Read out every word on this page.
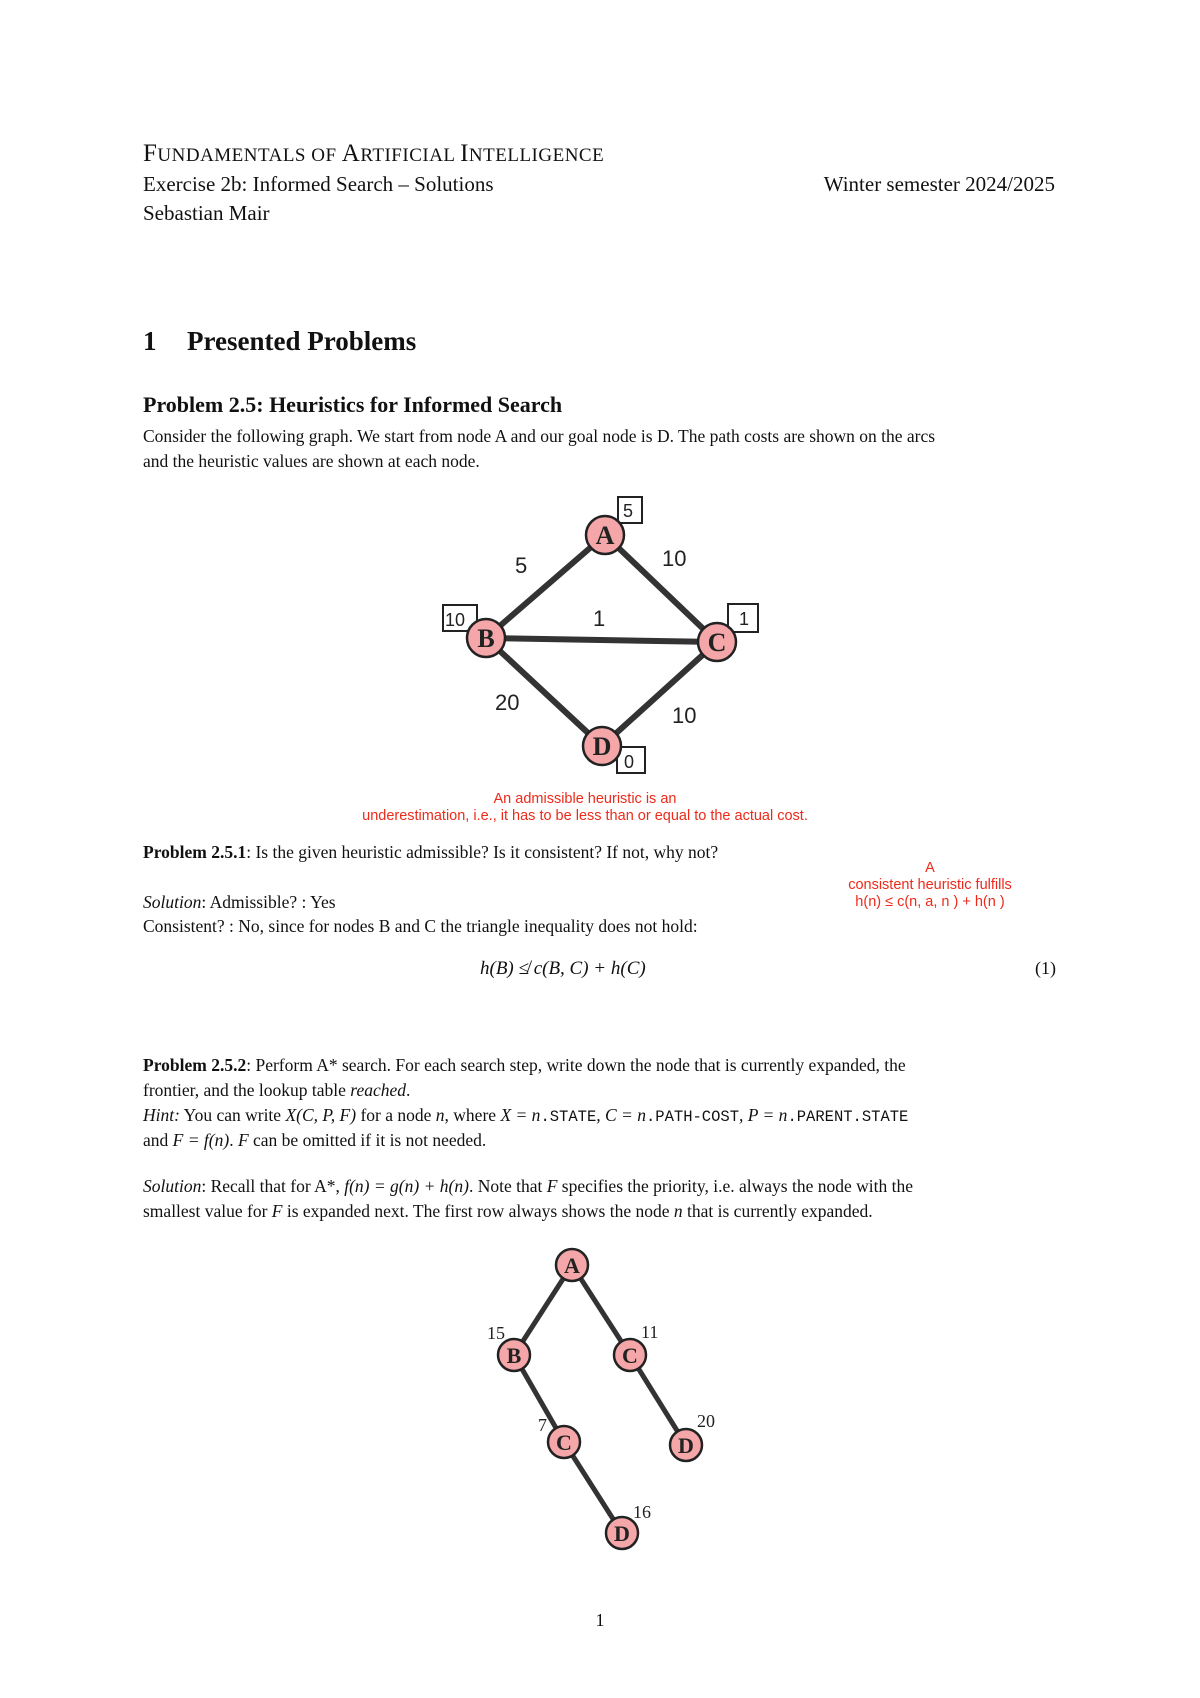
FUNDAMENTALS OF ARTIFICIAL INTELLIGENCE
Exercise 2b: Informed Search – Solutions	Winter semester 2024/2025
Sebastian Mair
1 Presented Problems
Problem 2.5: Heuristics for Informed Search
Consider the following graph. We start from node A and our goal node is D. The path costs are shown on the arcs
and the heuristic values are shown at each node.
5	10
1
20
10
5
10	1
0
A
B	C
D
An admissible heuristic is an
underestimation, i.e., it has to be less than or equal to the actual cost.
A
consistent heuristic fulfills
h(n) ≤ c(n, a, n ) + h(n )
Problem 2.5.1: Is the given heuristic admissible? Is it consistent? If not, why not?
Solution: Admissible? : Yes
Consistent? : No, since for nodes B and C the triangle inequality does not hold:
h(B) ≰ c(B, C) + h(C)	(1)
Problem 2.5.2: Perform A* search. For each search step, write down the node that is currently expanded, the
frontier, and the lookup table reached.
Hint: You can write X(C, P, F) for a node n, where X = n.STATE, C = n.PATH-COST, P = n.PARENT.STATE
and F = f(n). F can be omitted if it is not needed.
Solution: Recall that for A*, f(n) = g(n) + h(n). Note that F specifies the priority, i.e. always the node with the
smallest value for F is expanded next. The first row always shows the node n that is currently expanded.
A
B	C
C	D
D
15	11
7	20
16
1
